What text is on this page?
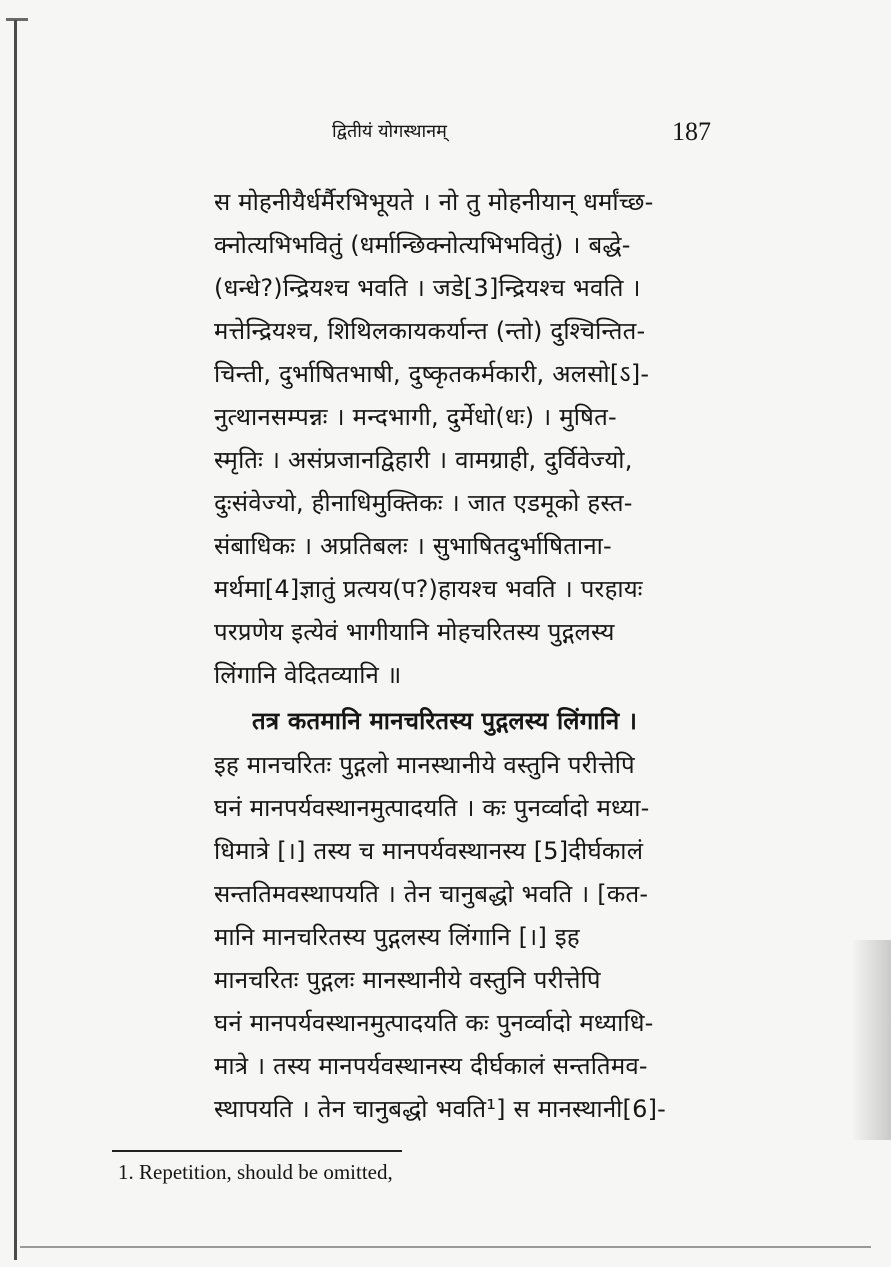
द्वितीयं योगस्थानम्	187
स मोहनीयैर्धर्मैरभिभूयते । नो तु मोहनीयान् धर्मांच्छ-
क्नोत्यभिभवितुं (धर्मान्छिक्नोत्यभिभवितुं) । बद्धे-
(धन्धे?)न्द्रियश्च भवति । जडे[3]न्द्रियश्च भवति ।
मत्तेन्द्रियश्च, शिथिलकायकर्यान्त (न्तो) दुश्चिन्तित-
चिन्ती, दुर्भाषितभाषी, दुष्कृतकर्मकारी, अलसो[ऽ]-
नुत्थानसम्पन्नः । मन्दभागी, दुर्मेधो(धः) । मुषित-
स्मृतिः । असंप्रजानद्विहारी । वामग्राही, दुर्विवेज्यो,
दुःसंवेज्यो, हीनाधिमुक्तिकः । जात एडमूको हस्त-
संबाधिकः । अप्रतिबलः । सुभाषितदुर्भाषिताना-
मर्थमा[4]ज्ञातुं प्रत्यय(प?)हायश्च भवति । परहायः
परप्रणेय इत्येवं भागीयानि मोहचरितस्य पुद्गलस्य
लिंगानि वेदितव्यानि ॥
तत्र कतमानि मानचरितस्य पुद्गलस्य लिंगानि ।
इह मानचरितः पुद्गलो मानस्थानीये वस्तुनि परीत्तेपि
घनं मानपर्यवस्थानमुत्पादयति । कः पुनर्व्वादो मध्या-
धिमात्रे [।] तस्य च मानपर्यवस्थानस्य [5]दीर्घकालं
सन्ततिमवस्थापयति । तेन चानुबद्धो भवति । [कत-
मानि मानचरितस्य पुद्गलस्य लिंगानि [।] इह
मानचरितः पुद्गलः मानस्थानीये वस्तुनि परीत्तेपि
घनं मानपर्यवस्थानमुत्पादयति कः पुनर्व्वादो मध्याधि-
मात्रे । तस्य मानपर्यवस्थानस्य दीर्घकालं सन्ततिमव-
स्थापयति । तेन चानुबद्धो भवति¹] स मानस्थानी[6]-
1. Repetition, should be omitted,
